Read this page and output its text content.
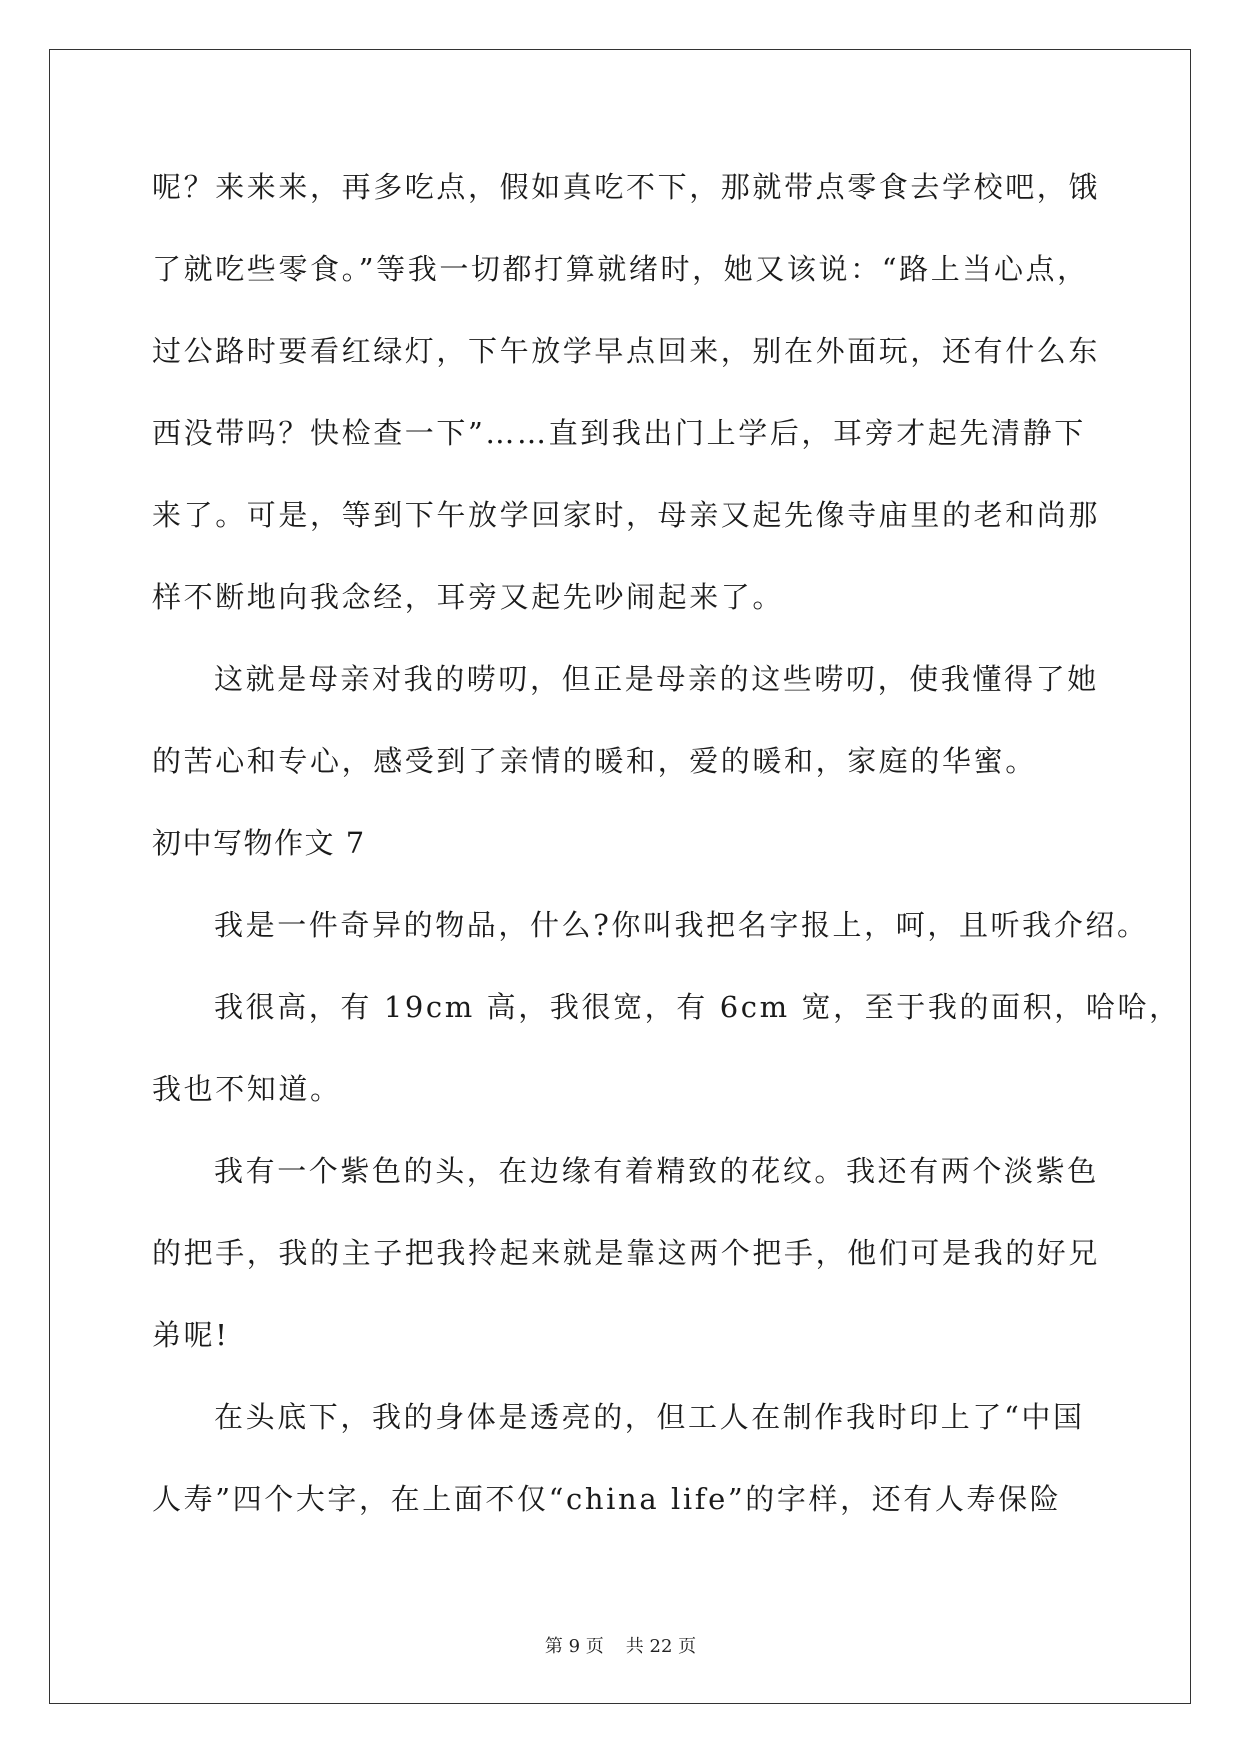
呢？来来来，再多吃点，假如真吃不下，那就带点零食去学校吧，饿
了就吃些零食。”等我一切都打算就绪时，她又该说：“路上当心点，
过公路时要看红绿灯，下午放学早点回来，别在外面玩，还有什么东
西没带吗？快检查一下”……直到我出门上学后，耳旁才起先清静下
来了。可是，等到下午放学回家时，母亲又起先像寺庙里的老和尚那
样不断地向我念经，耳旁又起先吵闹起来了。
这就是母亲对我的唠叨，但正是母亲的这些唠叨，使我懂得了她
的苦心和专心，感受到了亲情的暖和，爱的暖和，家庭的华蜜。
初中写物作文 7
我是一件奇异的物品，什么?你叫我把名字报上，呵，且听我介绍。
我很高，有 19cm 高，我很宽，有 6cm 宽，至于我的面积，哈哈，
我也不知道。
我有一个紫色的头，在边缘有着精致的花纹。我还有两个淡紫色
的把手，我的主子把我拎起来就是靠这两个把手，他们可是我的好兄
弟呢!
在头底下，我的身体是透亮的，但工人在制作我时印上了“中国
人寿”四个大字，在上面不仅“china life”的字样，还有人寿保险
第 9 页 共 22 页
